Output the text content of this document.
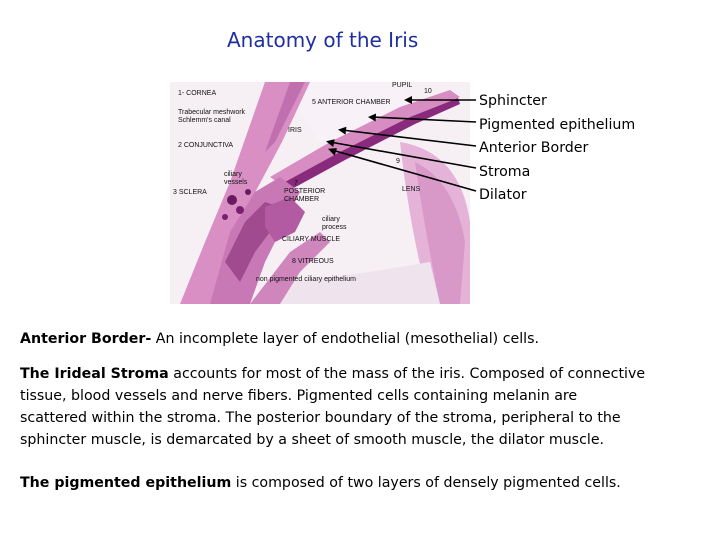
Anatomy of the Iris
1- CORNEA
PUPIL
10
Trabecular meshwork
Schlemm's canal
5 ANTERIOR CHAMBER
IRIS
2 CONJUNCTIVA
ciliary
vessels
3 SCLERA
7
POSTERIOR
CHAMBER
9
LENS
ciliary
process
CILIARY MUSCLE
8 VITREOUS
non pigmented ciliary epithelium
Sphincter
Pigmented epithelium
Anterior Border
Stroma
Dilator
Anterior Border- An incomplete layer of endothelial (mesothelial) cells.
The Irideal Stroma accounts for most of the mass of the iris. Composed of connective
tissue, blood vessels and nerve fibers. Pigmented cells containing melanin are
scattered within the stroma. The posterior boundary of the stroma, peripheral to the
sphincter muscle, is demarcated by a sheet of smooth muscle, the dilator muscle.
The pigmented epithelium is composed of two layers of densely pigmented cells.
